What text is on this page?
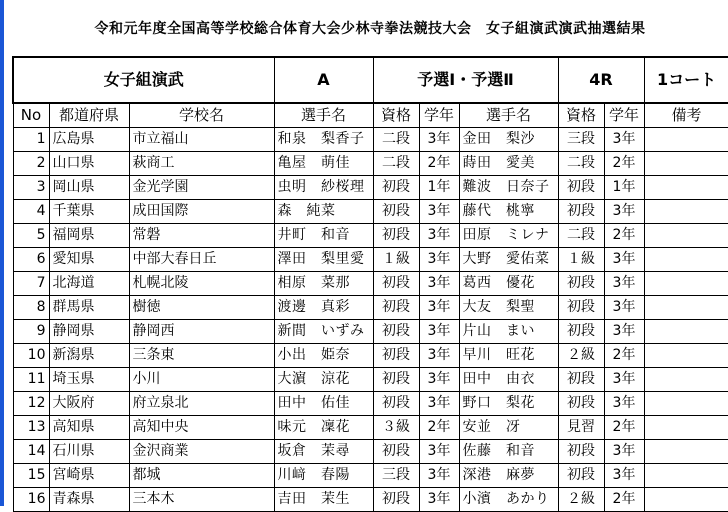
令和元年度全国高等学校総合体育大会少林寺拳法競技大会　女子組演武演武抽選結果
女子組演武			A	予選Ⅰ・予選Ⅱ			4R		1コート
No	都道府県	学校名	選手名	資格	学年	選手名	資格	学年	備考
1	広島県	市立福山	和泉　梨香子	二段	3年	金田　梨沙	三段	3年	
2	山口県	萩商工	亀屋　萌佳	二段	2年	蒔田　愛美	二段	2年	
3	岡山県	金光学園	虫明　紗桜理	初段	1年	難波　日奈子	初段	1年	
4	千葉県	成田国際	森　純菜	初段	3年	藤代　桃寧	初段	3年	
5	福岡県	常磐	井町　和音	初段	3年	田原　ミレナ	二段	2年	
6	愛知県	中部大春日丘	澤田　梨里愛	１級	3年	大野　愛佑菜	１級	3年	
7	北海道	札幌北陵	相原　菜那	初段	3年	葛西　優花	初段	3年	
8	群馬県	樹徳	渡邊　真彩	初段	3年	大友　梨聖	初段	3年	
9	静岡県	静岡西	新間　いずみ	初段	3年	片山　まい	初段	3年	
10	新潟県	三条東	小出　姫奈	初段	3年	早川　旺花	２級	2年	
11	埼玉県	小川	大濵　涼花	初段	3年	田中　由衣	初段	3年	
12	大阪府	府立泉北	田中　佑佳	初段	3年	野口　梨花	初段	3年	
13	高知県	高知中央	味元　凜花	３級	2年	安並　冴	見習	2年	
14	石川県	金沢商業	坂倉　茉尋	初段	3年	佐藤　和音	初段	3年	
15	宮崎県	都城	川﨑　春陽	三段	3年	深港　麻夢	初段	3年	
16	青森県	三本木	吉田　茉生	初段	3年	小濱　あかり	２級	2年	
